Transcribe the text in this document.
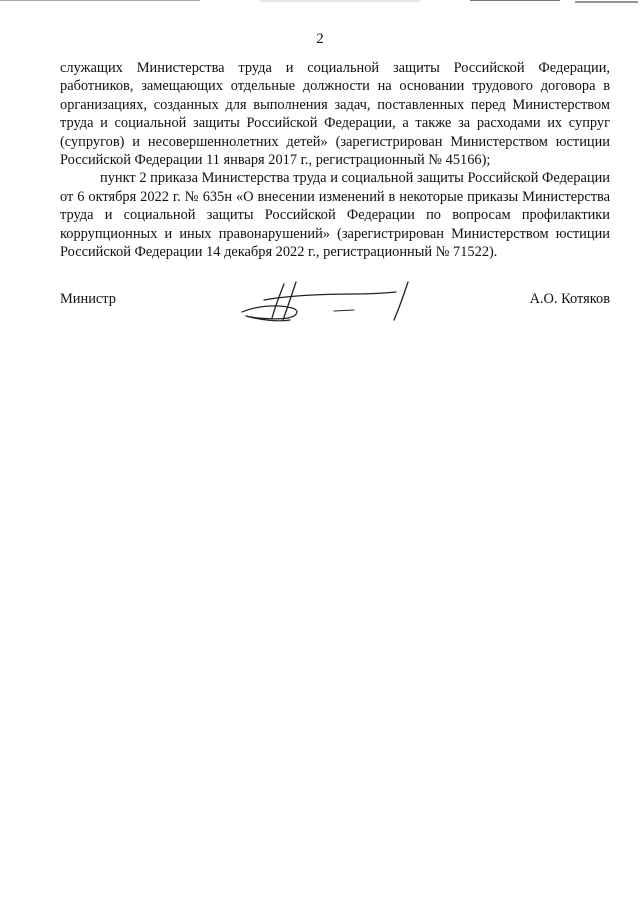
2

служащих Министерства труда и социальной защиты Российской Федерации, работников, замещающих отдельные должности на основании трудового договора в организациях, созданных для выполнения задач, поставленных перед Министерством труда и социальной защиты Российской Федерации, а также за расходами их супруг (супругов) и несовершеннолетних детей» (зарегистрирован Министерством юстиции Российской Федерации 11 января 2017 г., регистрационный № 45166);

пункт 2 приказа Министерства труда и социальной защиты Российской Федерации от 6 октября 2022 г. № 635н «О внесении изменений в некоторые приказы Министерства труда и социальной защиты Российской Федерации по вопросам профилактики коррупционных и иных правонарушений» (зарегистрирован Министерством юстиции Российской Федерации 14 декабря 2022 г., регистрационный № 71522).

Министр	А.О. Котяков
